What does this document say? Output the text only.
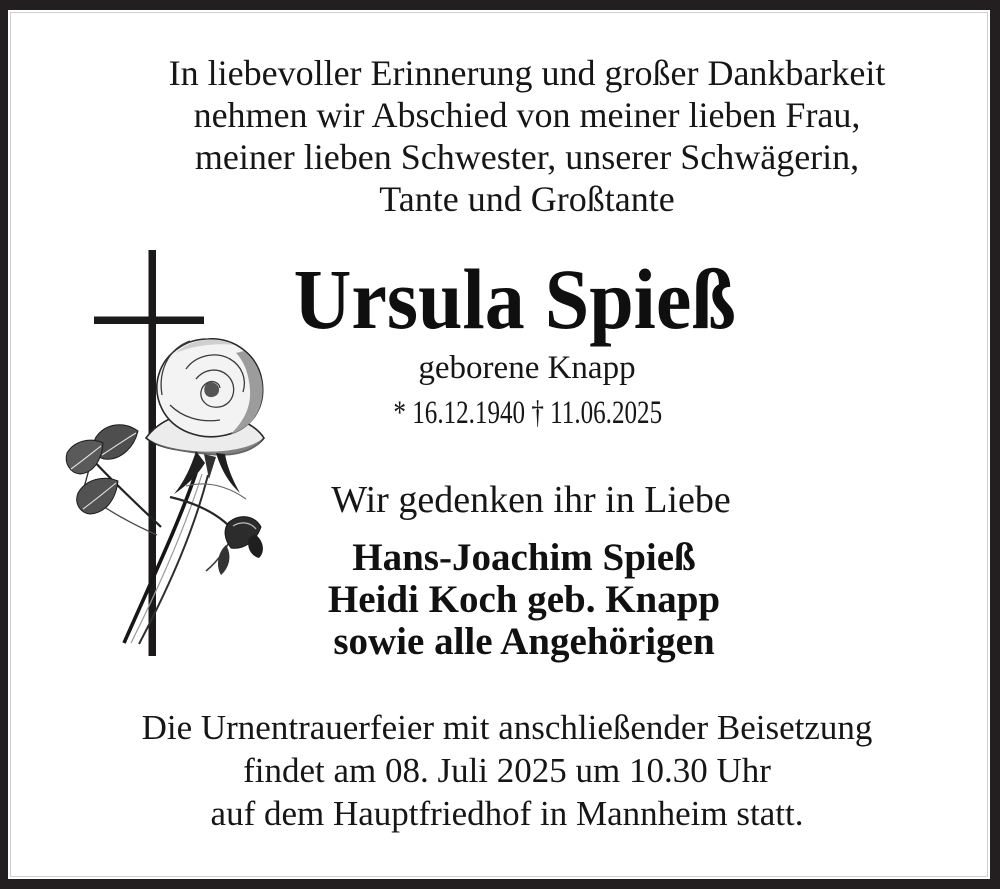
In liebevoller Erinnerung und großer Dankbarkeit
nehmen wir Abschied von meiner lieben Frau,
meiner lieben Schwester, unserer Schwägerin,
Tante und Großtante
Ursula Spieß
geborene Knapp
* 16.12.1940 † 11.06.2025
Wir gedenken ihr in Liebe
Hans-Joachim Spieß
Heidi Koch geb. Knapp
sowie alle Angehörigen
Die Urnentrauerfeier mit anschließender Beisetzung
findet am 08. Juli 2025 um 10.30 Uhr
auf dem Hauptfriedhof in Mannheim statt.
